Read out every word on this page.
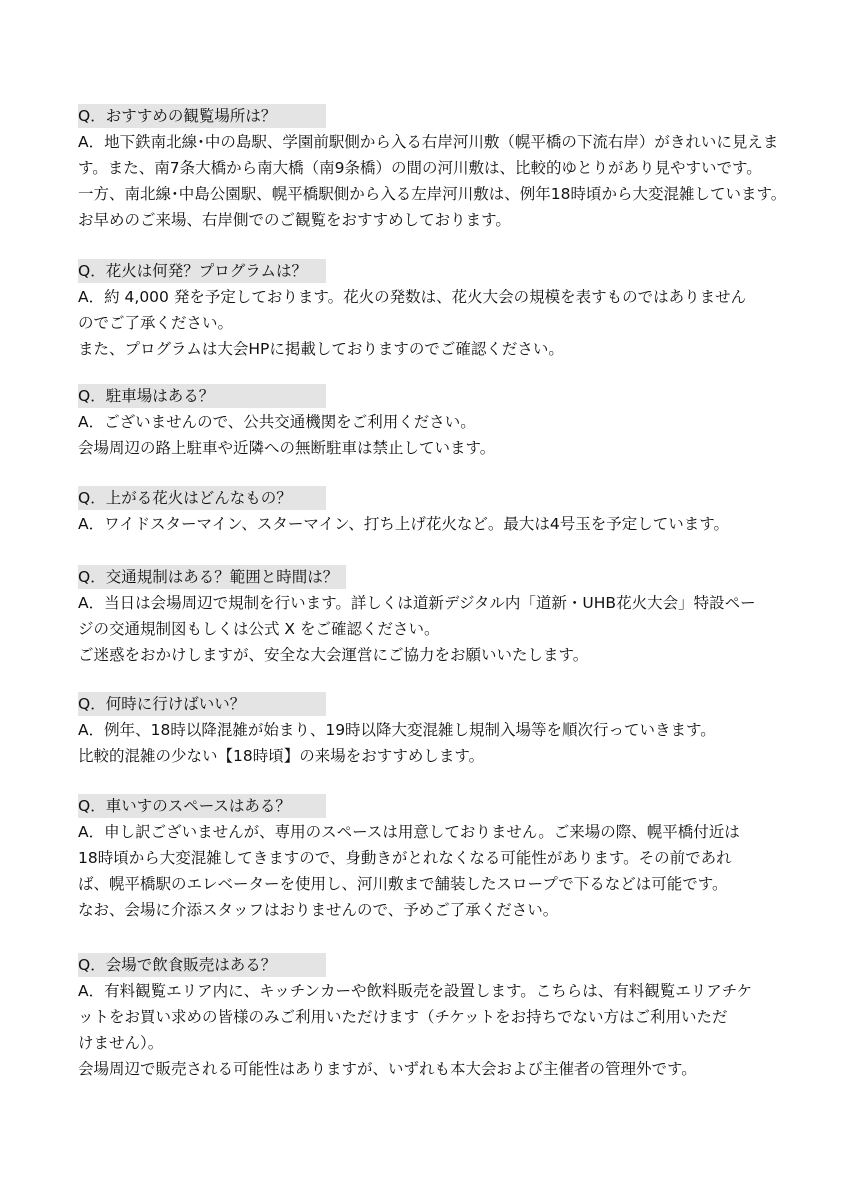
Q．おすすめの観覧場所は？

A．地下鉄南北線･中の島駅、学園前駅側から入る右岸河川敷（幌平橋の下流右岸）がきれいに見えま

す。また、南7条大橋から南大橋（南9条橋）の間の河川敷は、比較的ゆとりがあり見やすいです。

一方、南北線･中島公園駅、幌平橋駅側から入る左岸河川敷は、例年18時頃から大変混雑しています。

お早めのご来場、右岸側でのご観覧をおすすめしております。

Q．花火は何発？プログラムは？

A．約 4,000 発を予定しております。花火の発数は、花火大会の規模を表すものではありません

のでご了承ください。

また、プログラムは大会HPに掲載しておりますのでご確認ください。

Q．駐車場はある？

A．ございませんので、公共交通機関をご利用ください。

会場周辺の路上駐車や近隣への無断駐車は禁止しています。

Q．上がる花火はどんなもの？

A．ワイドスターマイン、スターマイン、打ち上げ花火など。最大は4号玉を予定しています。

Q．交通規制はある？範囲と時間は？

A．当日は会場周辺で規制を行います。詳しくは道新デジタル内「道新・UHB花火大会」特設ペー

ジの交通規制図もしくは公式 X をご確認ください。

ご迷惑をおかけしますが、安全な大会運営にご協力をお願いいたします。

Q．何時に行けばいい？

A．例年、18時以降混雑が始まり、19時以降大変混雑し規制入場等を順次行っていきます。

比較的混雑の少ない【18時頃】の来場をおすすめします。

Q．車いすのスペースはある？

A．申し訳ございませんが、専用のスペースは用意しておりません。ご来場の際、幌平橋付近は

18時頃から大変混雑してきますので、身動きがとれなくなる可能性があります。その前であれ

ば、幌平橋駅のエレベーターを使用し、河川敷まで舗装したスロープで下るなどは可能です。

なお、会場に介添スタッフはおりませんので、予めご了承ください。

Q．会場で飲食販売はある？

A．有料観覧エリア内に、キッチンカーや飲料販売を設置します。こちらは、有料観覧エリアチケ

ットをお買い求めの皆様のみご利用いただけます（チケットをお持ちでない方はご利用いただ

けません）。

会場周辺で販売される可能性はありますが、いずれも本大会および主催者の管理外です。
